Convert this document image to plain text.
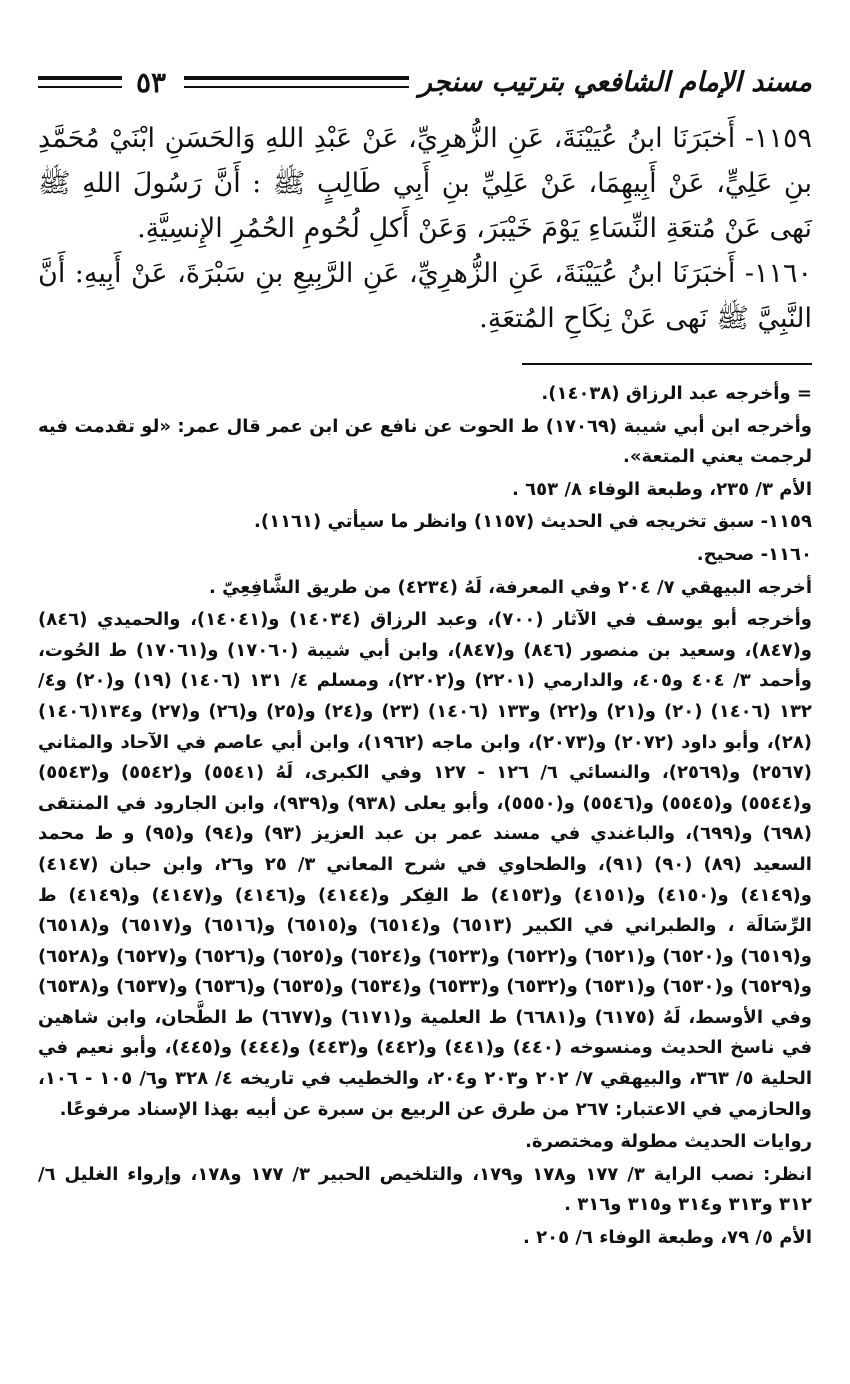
مسند الإمام الشافعي بترتيب سنجر
٥٣

١١٥٩- أَخبَرَنَا ابنُ عُيَيْنَةَ، عَنِ الزُّهرِيِّ، عَنْ عَبْدِ اللهِ وَالحَسَنِ ابْنَيْ مُحَمَّدِ بنِ عَلِيٍّ، عَنْ أَبِيهِمَا، عَنْ عَلِيِّ بنِ أَبِي طَالِبٍ ﷺ : أَنَّ رَسُولَ اللهِ ﷺ نَهى عَنْ مُتعَةِ النِّسَاءِ يَوْمَ خَيْبَرَ، وَعَنْ أَكلِ لُحُومِ الحُمُرِ الإِنسِيَّةِ.

١١٦٠- أَخبَرَنَا ابنُ عُيَيْنَةَ، عَنِ الزُّهرِيِّ، عَنِ الرَّبِيعِ بنِ سَبْرَةَ، عَنْ أَبِيهِ: أَنَّ النَّبِيَّ ﷺ نَهى عَنْ نِكَاحِ المُتعَةِ.

= وأخرجه عبد الرزاق (١٤٠٣٨).

وأخرجه ابن أبي شيبة (١٧٠٦٩) ط الحوت عن نافع عن ابن عمر قال عمر: «لو تقدمت فيه لرجمت يعني المتعة».

الأم ٣/ ٢٣٥، وطبعة الوفاء ٨/ ٦٥٣ .

١١٥٩- سبق تخريجه في الحديث (١١٥٧) وانظر ما سيأتي (١١٦١).

١١٦٠- صحيح.

أخرجه البيهقي ٧/ ٢٠٤ وفي المعرفة، لَهُ (٤٢٣٤) من طريق الشَّافِعِيّ .

وأخرجه أبو يوسف في الآثار (٧٠٠)، وعبد الرزاق (١٤٠٣٤) و(١٤٠٤١)، والحميدي (٨٤٦) و(٨٤٧)، وسعيد بن منصور (٨٤٦) و(٨٤٧)، وابن أبي شيبة (١٧٠٦٠) و(١٧٠٦١) ط الحُوت، وأحمد ٣/ ٤٠٤ و٤٠٥، والدارمي (٢٢٠١) و(٢٢٠٢)، ومسلم ٤/ ١٣١ (١٤٠٦) (١٩) و(٢٠) و٤/ ١٣٢ (١٤٠٦) (٢٠) و(٢١) و(٢٢) و١٣٣ (١٤٠٦) (٢٣) و(٢٤) و(٢٥) و(٢٦) و(٢٧) و١٣٤(١٤٠٦) (٢٨)، وأبو داود (٢٠٧٢) و(٢٠٧٣)، وابن ماجه (١٩٦٢)، وابن أبي عاصم في الآحاد والمثاني (٢٥٦٧) و(٢٥٦٩)، والنسائي ٦/ ١٢٦ - ١٢٧ وفي الكبرى، لَهُ (٥٥٤١) و(٥٥٤٢) و(٥٥٤٣) و(٥٥٤٤) و(٥٥٤٥) و(٥٥٤٦) و(٥٥٥٠)، وأبو يعلى (٩٣٨) و(٩٣٩)، وابن الجارود في المنتقى (٦٩٨) و(٦٩٩)، والباغندي في مسند عمر بن عبد العزيز (٩٣) و(٩٤) و(٩٥) و ط محمد السعيد (٨٩) (٩٠) (٩١)، والطحاوي في شرح المعاني ٣/ ٢٥ و٢٦، وابن حبان (٤١٤٧) و(٤١٤٩) و(٤١٥٠) و(٤١٥١) و(٤١٥٣) ط الفِكر و(٤١٤٤) و(٤١٤٦) و(٤١٤٧) و(٤١٤٩) ط الرِّسَالَة ، والطبراني في الكبير (٦٥١٣) و(٦٥١٤) و(٦٥١٥) و(٦٥١٦) و(٦٥١٧) و(٦٥١٨) و(٦٥١٩) و(٦٥٢٠) و(٦٥٢١) و(٦٥٢٢) و(٦٥٢٣) و(٦٥٢٤) و(٦٥٢٥) و(٦٥٢٦) و(٦٥٢٧) و(٦٥٢٨) و(٦٥٢٩) و(٦٥٣٠) و(٦٥٣١) و(٦٥٣٢) و(٦٥٣٣) و(٦٥٣٤) و(٦٥٣٥) و(٦٥٣٦) و(٦٥٣٧) و(٦٥٣٨) وفي الأوسط، لَهُ (٦١٧٥) و(٦٦٨١) ط العلمية و(٦١٧١) و(٦٦٧٧) ط الطَّحان، وابن شاهين في ناسخ الحديث ومنسوخه (٤٤٠) و(٤٤١) و(٤٤٢) و(٤٤٣) و(٤٤٤) و(٤٤٥)، وأبو نعيم في الحلية ٥/ ٣٦٣، والبيهقي ٧/ ٢٠٢ و٢٠٣ و٢٠٤، والخطيب في تاريخه ٤/ ٣٢٨ و٦/ ١٠٥ - ١٠٦، والحازمي في الاعتبار: ٢٦٧ من طرق عن الربيع بن سبرة عن أبيه بهذا الإسناد مرفوعًا.

روايات الحديث مطولة ومختصرة.

انظر: نصب الراية ٣/ ١٧٧ و١٧٨ و١٧٩، والتلخيص الحبير ٣/ ١٧٧ و١٧٨، وإرواء الغليل ٦/ ٣١٢ و٣١٣ و٣١٤ و٣١٥ و٣١٦ .

الأم ٥/ ٧٩، وطبعة الوفاء ٦/ ٢٠٥ .
